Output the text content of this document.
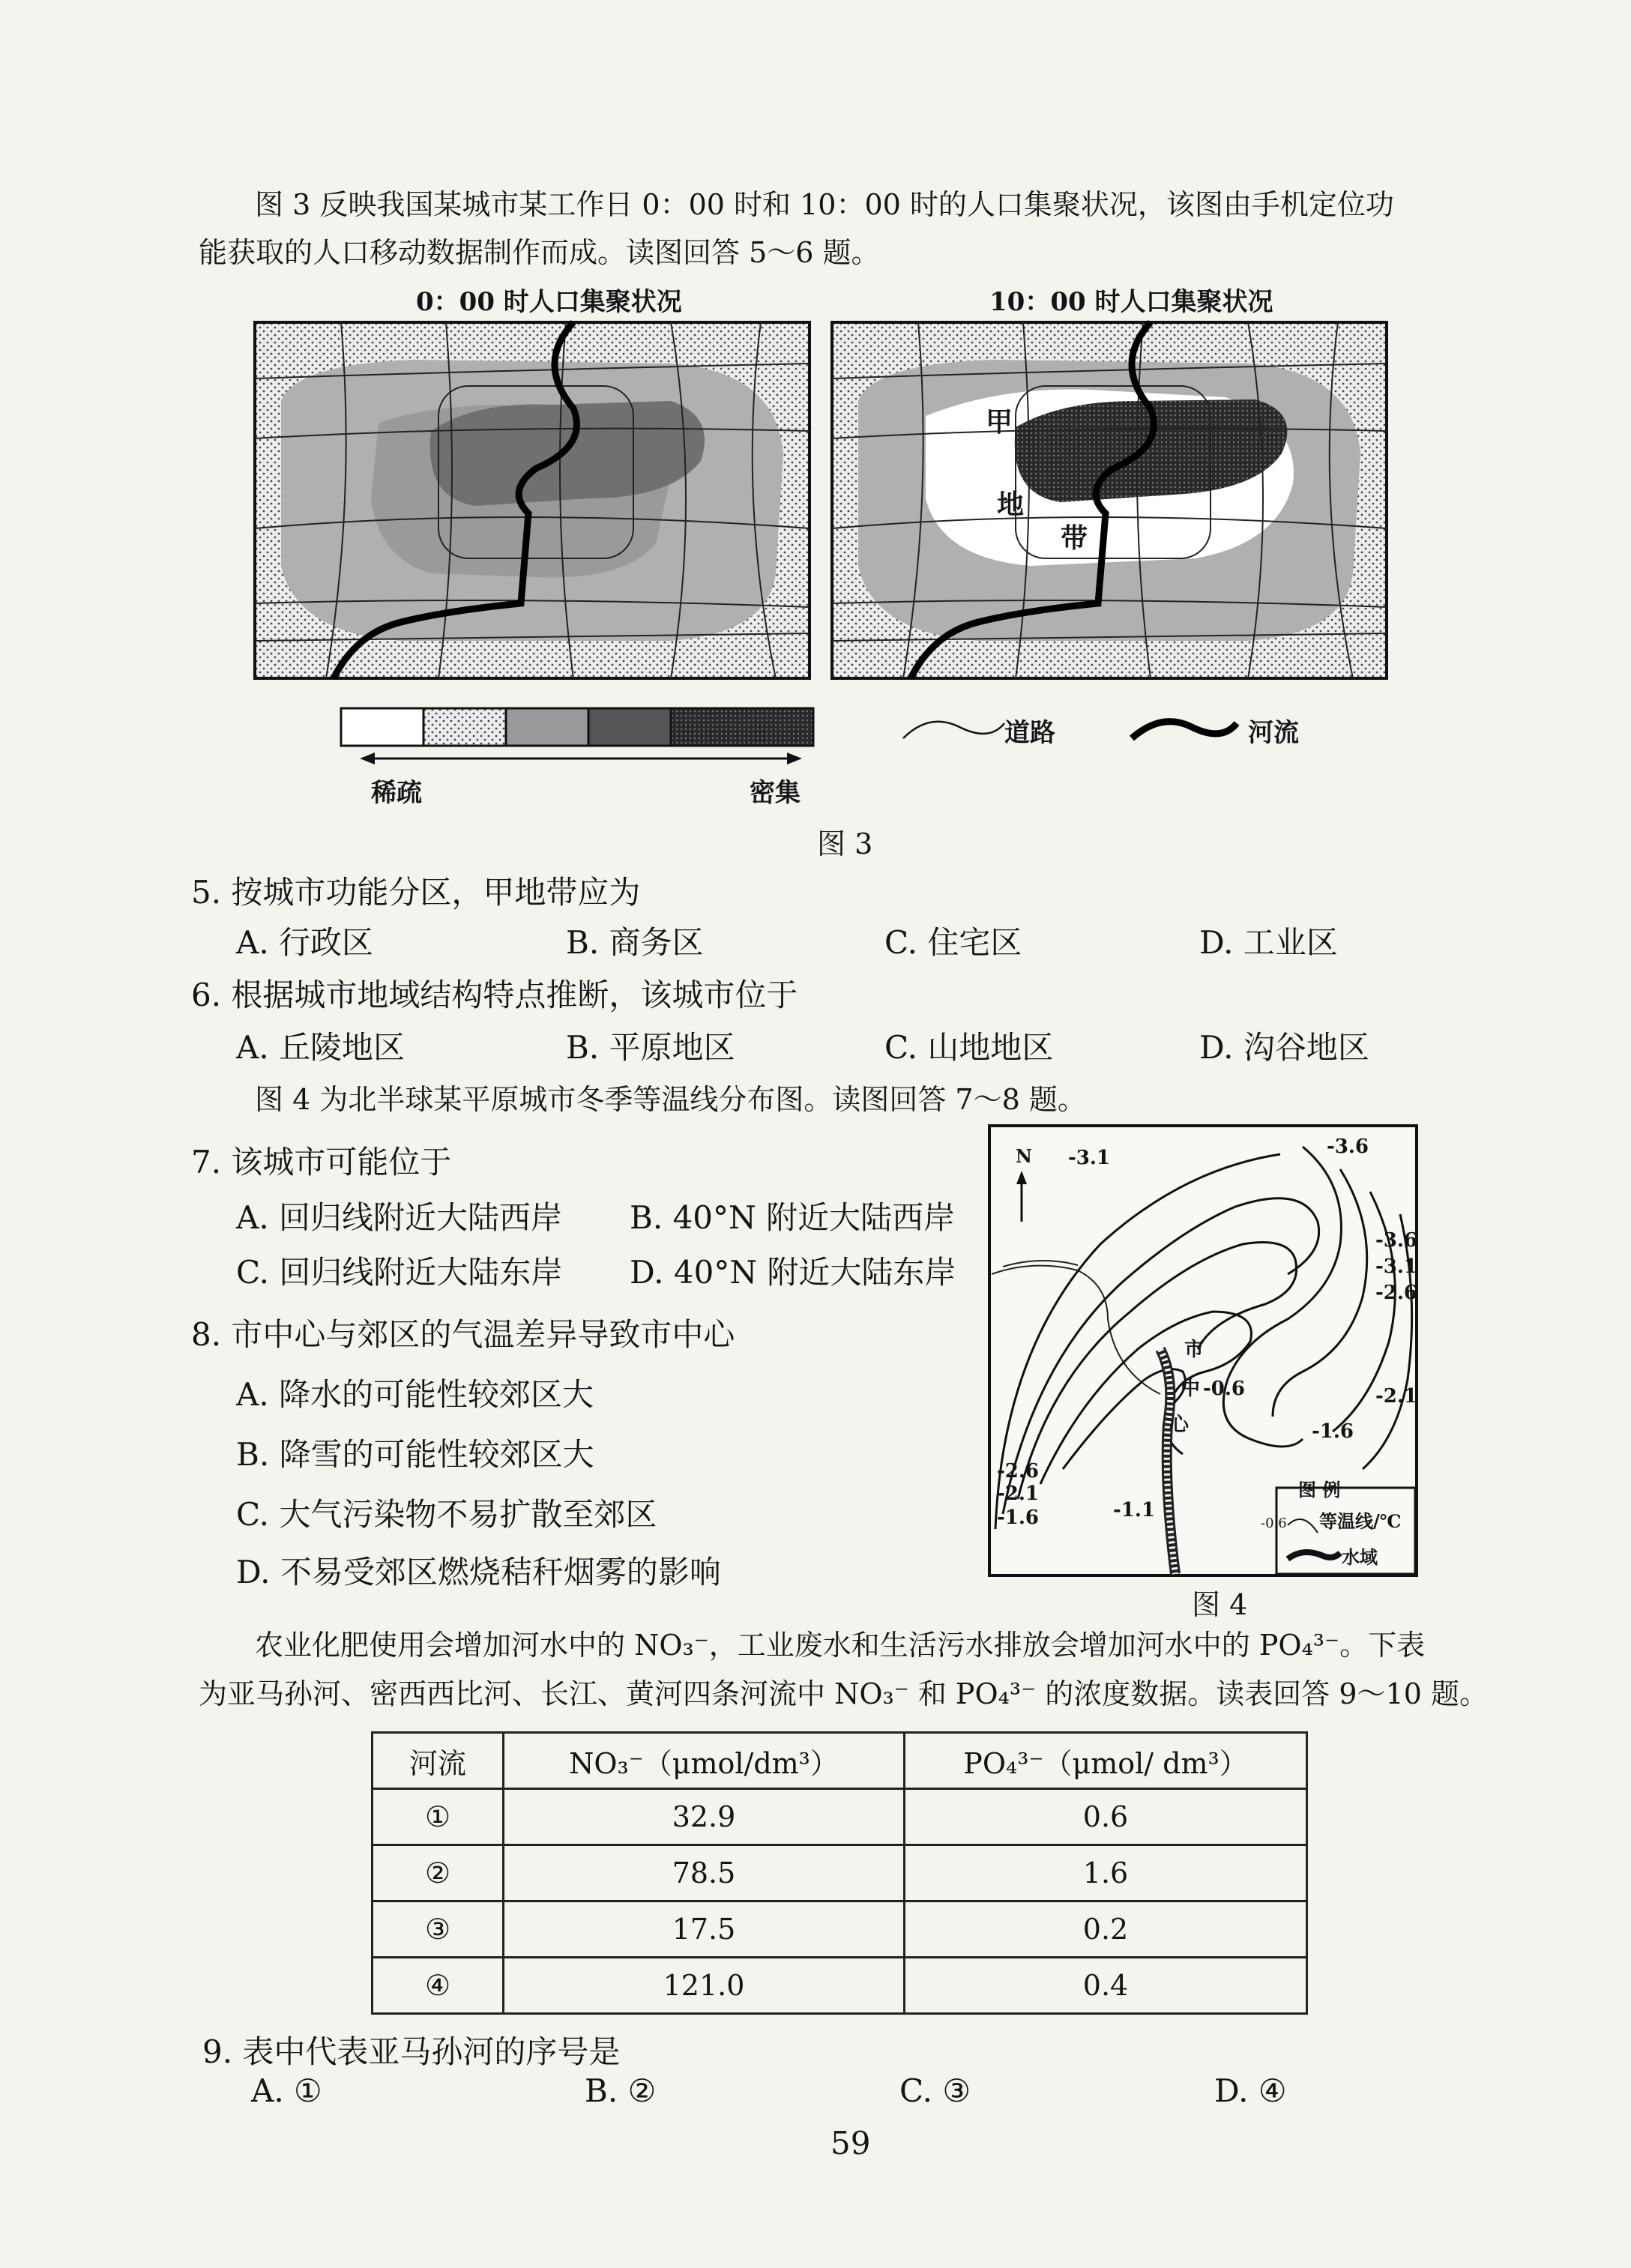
图 3 反映我国某城市某工作日 0：00 时和 10：00 时的人口集聚状况，该图由手机定位功
能获取的人口移动数据制作而成。读图回答 5～6 题。
0：00 时人口集聚状况	10：00 时人口集聚状况
甲
地
带
稀疏	密集
道路	河流
图 3
5. 按城市功能分区，甲地带应为
A. 行政区	B. 商务区	C. 住宅区	D. 工业区
6. 根据城市地域结构特点推断，该城市位于
A. 丘陵地区	B. 平原地区	C. 山地地区	D. 沟谷地区
图 4 为北半球某平原城市冬季等温线分布图。读图回答 7～8 题。
7. 该城市可能位于
A. 回归线附近大陆西岸 B. 40°N 附近大陆西岸
C. 回归线附近大陆东岸 D. 40°N 附近大陆东岸
8. 市中心与郊区的气温差异导致市中心
A. 降水的可能性较郊区大
B. 降雪的可能性较郊区大
C. 大气污染物不易扩散至郊区
D. 不易受郊区燃烧秸秆烟雾的影响
N -3.1	-3.6
-3.6
-3.1
-2.6
-2.1
-1.6
-0.6
-2.6
-2.1
-1.6	-1.1
市
中
心
图 例
-0.6 等温线/℃
水域
图 4
农业化肥使用会增加河水中的 NO₃⁻，工业废水和生活污水排放会增加河水中的 PO₄³⁻。下表
为亚马孙河、密西西比河、长江、黄河四条河流中 NO₃⁻ 和 PO₄³⁻ 的浓度数据。读表回答 9～10 题。
河流	NO₃⁻（μmol/dm³）	PO₄³⁻（μmol/ dm³）
①	32.9	0.6
②	78.5	1.6
③	17.5	0.2
④	121.0	0.4
9. 表中代表亚马孙河的序号是
A. ①	B. ②	C. ③	D. ④
59
